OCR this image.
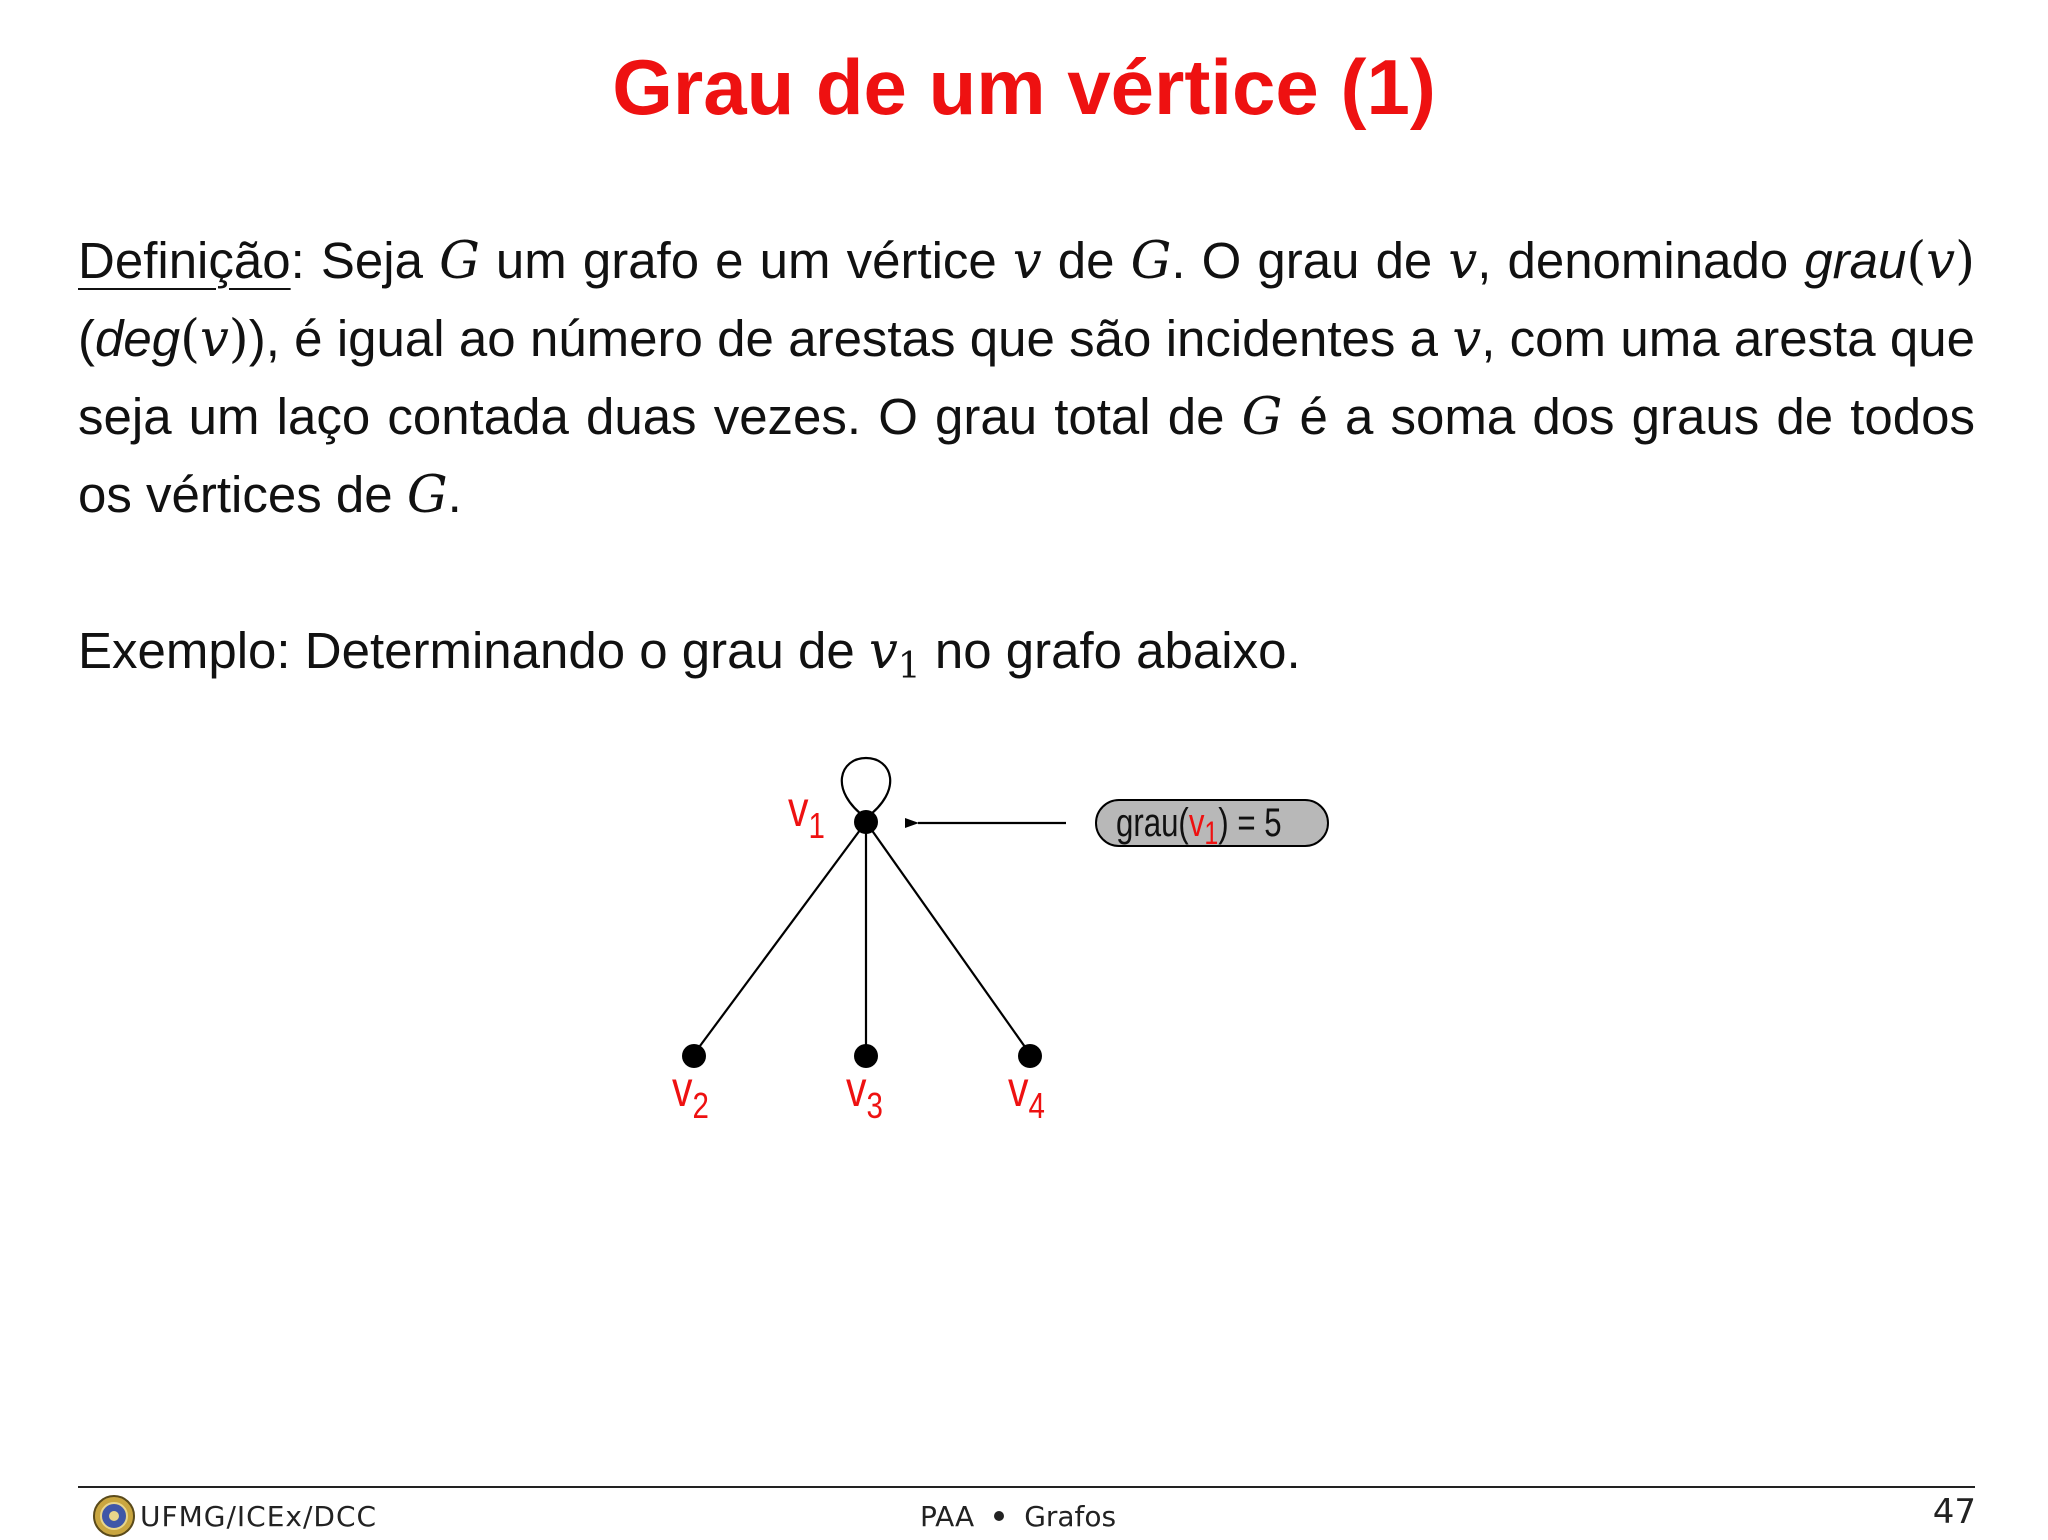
Grau de um vértice (1)
Definição: Seja G um grafo e um vértice v de G. O grau de v, denominado grau(v) (deg(v)), é igual ao número de arestas que são incidentes a v, com uma aresta que seja um laço contada duas vezes. O grau total de G é a soma dos graus de todos os vértices de G.
Exemplo: Determinando o grau de $v_1$ no grafo abaixo.
$v_1$
$v_2$	$v_3$	$v_4$
$grau(v_1) = 5$
UFMG/ICEx/DCC	PAA Grafos	47
